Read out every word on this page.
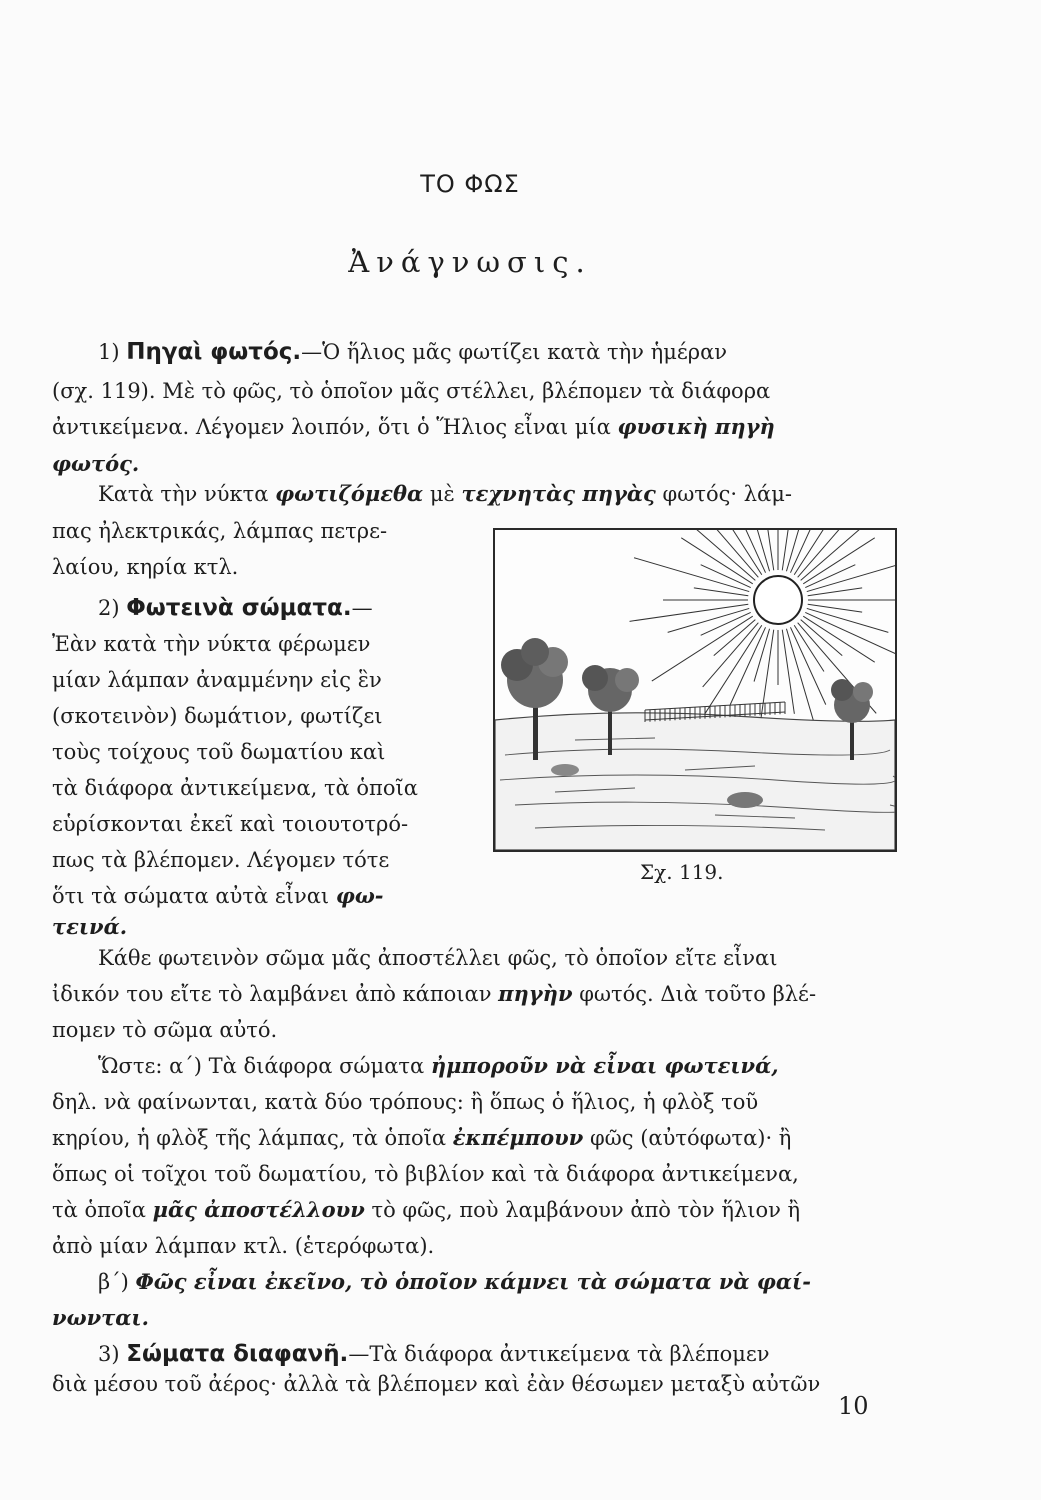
ΤΟ ΦΩΣ
Ἀνάγνωσις.
1) Πηγαὶ φωτός.—Ὁ ἥλιος μᾶς φωτίζει κατὰ τὴν ἡμέραν
(σχ. 119). Μὲ τὸ φῶς, τὸ ὁποῖον μᾶς στέλλει, βλέπομεν τὰ διάφορα
ἀντικείμενα. Λέγομεν λοιπόν, ὅτι ὁ Ἥλιος εἶναι μία φυσικὴ πηγὴ
φωτός.
Κατὰ τὴν νύκτα φωτιζόμεθα μὲ τεχνητὰς πηγὰς φωτός· λάμ-
πας ἠλεκτρικάς, λάμπας πετρε-
λαίου, κηρία κτλ.
2) Φωτεινὰ σώματα.—
Ἐὰν κατὰ τὴν νύκτα φέρωμεν
μίαν λάμπαν ἀναμμένην εἰς ἓν
(σκοτεινὸν) δωμάτιον, φωτίζει
τοὺς τοίχους τοῦ δωματίου καὶ
τὰ διάφορα ἀντικείμενα, τὰ ὁποῖα
εὑρίσκονται ἐκεῖ καὶ τοιουτοτρό-
πως τὰ βλέπομεν. Λέγομεν τότε
ὅτι τὰ σώματα αὐτὰ εἶναι φω-
τεινά.
Σχ. 119.
Κάθε φωτεινὸν σῶμα μᾶς ἀποστέλλει φῶς, τὸ ὁποῖον εἴτε εἶναι
ἰδικόν του εἴτε τὸ λαμβάνει ἀπὸ κάποιαν πηγὴν φωτός. Διὰ τοῦτο βλέ-
πομεν τὸ σῶμα αὐτό.
Ὥστε: α΄) Τὰ διάφορα σώματα ἠμποροῦν νὰ εἶναι φωτεινά,
δηλ. νὰ φαίνωνται, κατὰ δύο τρόπους: ἢ ὅπως ὁ ἥλιος, ἡ φλὸξ τοῦ
κηρίου, ἡ φλὸξ τῆς λάμπας, τὰ ὁποῖα ἐκπέμπουν φῶς (αὐτόφωτα)· ἢ
ὅπως οἱ τοῖχοι τοῦ δωματίου, τὸ βιβλίον καὶ τὰ διάφορα ἀντικείμενα,
τὰ ὁποῖα μᾶς ἀποστέλλουν τὸ φῶς, ποὺ λαμβάνουν ἀπὸ τὸν ἥλιον ἢ
ἀπὸ μίαν λάμπαν κτλ. (ἑτερόφωτα).
β΄) Φῶς εἶναι ἐκεῖνο, τὸ ὁποῖον κάμνει τὰ σώματα νὰ φαί-
νωνται.
3) Σώματα διαφανῆ.—Τὰ διάφορα ἀντικείμενα τὰ βλέπομεν
διὰ μέσου τοῦ ἀέρος· ἀλλὰ τὰ βλέπομεν καὶ ἐὰν θέσωμεν μεταξὺ αὐτῶν
10
